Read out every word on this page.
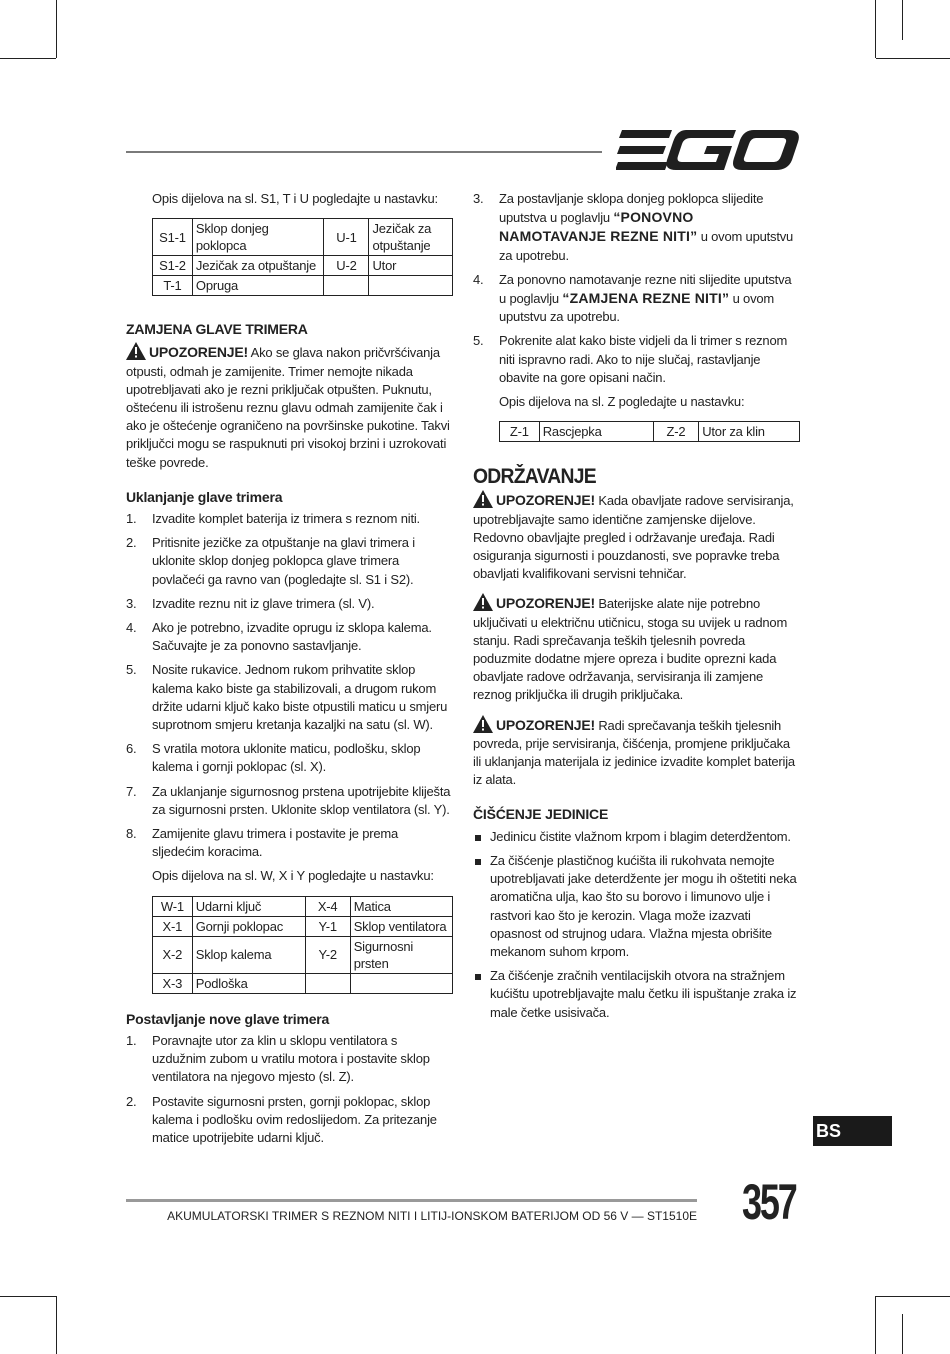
Opis dijelova na sl. S1, T i U pogledajte u nastavku:

S1-1	Sklop donjeg poklopca	U-1	Jezičak za otpuštanje
S1-2	Jezičak za otpuštanje	U-2	Utor
T-1	Opruga		

ZAMJENA GLAVE TRIMERA

UPOZORENJE! Ako se glava nakon pričvršćivanja otpusti, odmah je zamijenite. Trimer nemojte nikada upotrebljavati ako je rezni priključak otpušten. Puknutu, oštećenu ili istrošenu reznu glavu odmah zamijenite čak i ako je oštećenje ograničeno na površinske pukotine. Takvi priključci mogu se raspuknuti pri visokoj brzini i uzrokovati teške povrede.

Uklanjanje glave trimera

1. Izvadite komplet baterija iz trimera s reznom niti.
2. Pritisnite jezičke za otpuštanje na glavi trimera i uklonite sklop donjeg poklopca glave trimera povlačeći ga ravno van (pogledajte sl. S1 i S2).
3. Izvadite reznu nit iz glave trimera (sl. V).
4. Ako je potrebno, izvadite oprugu iz sklopa kalema. Sačuvajte je za ponovno sastavljanje.
5. Nosite rukavice. Jednom rukom prihvatite sklop kalema kako biste ga stabilizovali, a drugom rukom držite udarni ključ kako biste otpustili maticu u smjeru suprotnom smjeru kretanja kazaljki na satu (sl. W).
6. S vratila motora uklonite maticu, podlošku, sklop kalema i gornji poklopac (sl. X).
7. Za uklanjanje sigurnosnog prstena upotrijebite kliješta za sigurnosni prsten. Uklonite sklop ventilatora (sl. Y).
8. Zamijenite glavu trimera i postavite je prema sljedećim koracima.

Opis dijelova na sl. W, X i Y pogledajte u nastavku:

W-1	Udarni ključ	X-4	Matica
X-1	Gornji poklopac	Y-1	Sklop ventilatora
X-2	Sklop kalema	Y-2	Sigurnosni prsten
X-3	Podloška		

Postavljanje nove glave trimera

1. Poravnajte utor za klin u sklopu ventilatora s uzdužnim zubom u vratilu motora i postavite sklop ventilatora na njegovo mjesto (sl. Z).
2. Postavite sigurnosni prsten, gornji poklopac, sklop kalema i podlošku ovim redoslijedom. Za pritezanje matice upotrijebite udarni ključ.
3. Za postavljanje sklopa donjeg poklopca slijedite uputstva u poglavlju “PONOVNO NAMOTAVANJE REZNE NITI” u ovom uputstvu za upotrebu.
4. Za ponovno namotavanje rezne niti slijedite uputstva u poglavlju “ZAMJENA REZNE NITI” u ovom uputstvu za upotrebu.
5. Pokrenite alat kako biste vidjeli da li trimer s reznom niti ispravno radi. Ako to nije slučaj, rastavljanje obavite na gore opisani način.

Opis dijelova na sl. Z pogledajte u nastavku:

Z-1	Rascjepka	Z-2	Utor za klin

ODRŽAVANJE

UPOZORENJE! Kada obavljate radove servisiranja, upotrebljavajte samo identične zamjenske dijelove. Redovno obavljajte pregled i održavanje uređaja. Radi osiguranja sigurnosti i pouzdanosti, sve popravke treba obavljati kvalifikovani servisni tehničar.

UPOZORENJE! Baterijske alate nije potrebno uključivati u električnu utičnicu, stoga su uvijek u radnom stanju. Radi sprečavanja teških tjelesnih povreda poduzmite dodatne mjere opreza i budite oprezni kada obavljate radove održavanja, servisiranja ili zamjene reznog priključka ili drugih priključaka.

UPOZORENJE! Radi sprečavanja teških tjelesnih povreda, prije servisiranja, čišćenja, promjene priključaka ili uklanjanja materijala iz jedinice izvadite komplet baterija iz alata.

ČIŠĆENJE JEDINICE

Jedinicu čistite vlažnom krpom i blagim deterdžentom.
Za čišćenje plastičnog kućišta ili rukohvata nemojte upotrebljavati jake deterdžente jer mogu ih oštetiti neka aromatična ulja, kao što su borovo i limunovo ulje i rastvori kao što je kerozin. Vlaga može izazvati opasnost od strujnog udara. Vlažna mjesta obrišite mekanom suhom krpom.
Za čišćenje zračnih ventilacijskih otvora na stražnjem kućištu upotrebljavajte malu četku ili ispuštanje zraka iz male četke usisivača.
BS
AKUMULATORSKI TRIMER S REZNOM NITI I LITIJ-IONSKOM BATERIJOM OD 56 V — ST1510E 357
